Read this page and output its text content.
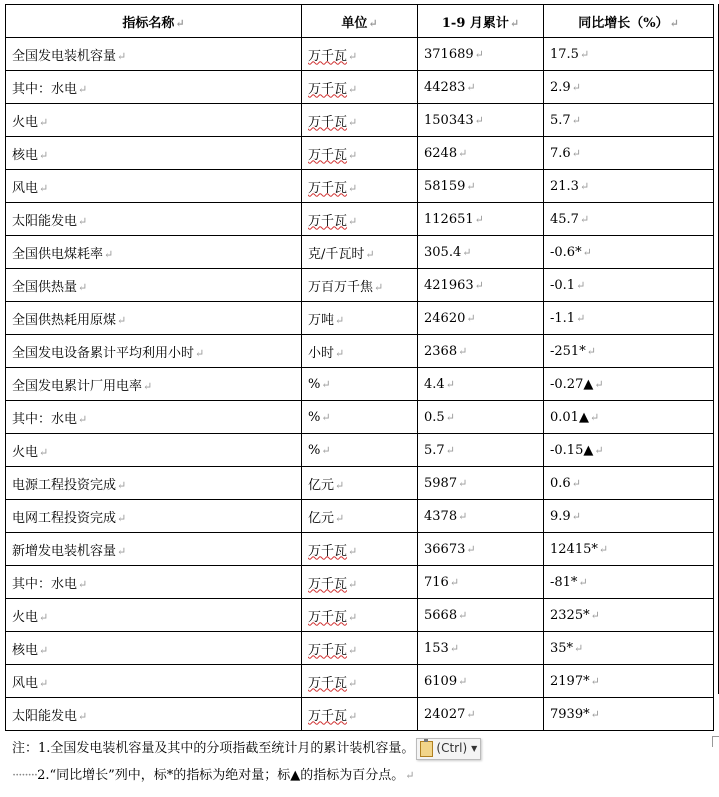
指标名称↵	单位↵	1-9 月累计↵	同比增长（%）↵
全国发电装机容量↵	万千瓦↵	371689↵	17.5↵
其中：水电↵	万千瓦↵	44283↵	2.9↵
火电↵	万千瓦↵	150343↵	5.7↵
核电↵	万千瓦↵	6248↵	7.6↵
风电↵	万千瓦↵	58159↵	21.3↵
太阳能发电↵	万千瓦↵	112651↵	45.7↵
全国供电煤耗率↵	克/千瓦时↵	305.4↵	-0.6*↵
全国供热量↵	万百万千焦↵	421963↵	-0.1↵
全国供热耗用原煤↵	万吨↵	24620↵	-1.1↵
全国发电设备累计平均利用小时↵	小时↵	2368↵	-251*↵
全国发电累计厂用电率↵	%↵	4.4↵	-0.27▲↵
其中：水电↵	%↵	0.5↵	0.01▲↵
火电↵	%↵	5.7↵	-0.15▲↵
电源工程投资完成↵	亿元↵	5987↵	0.6↵
电网工程投资完成↵	亿元↵	4378↵	9.9↵
新增发电装机容量↵	万千瓦↵	36673↵	12415*↵
其中：水电↵	万千瓦↵	716↵	-81*↵
火电↵	万千瓦↵	5668↵	2325*↵
核电↵	万千瓦↵	153↵	35*↵
风电↵	万千瓦↵	6109↵	2197*↵
太阳能发电↵	万千瓦↵	24027↵	7939*↵
注：1.全国发电装机容量及其中的分项指截至统计月的累计装机容量。 (Ctrl) ▼
········2.“同比增长”列中，标*的指标为绝对量；标▲的指标为百分点。↵
